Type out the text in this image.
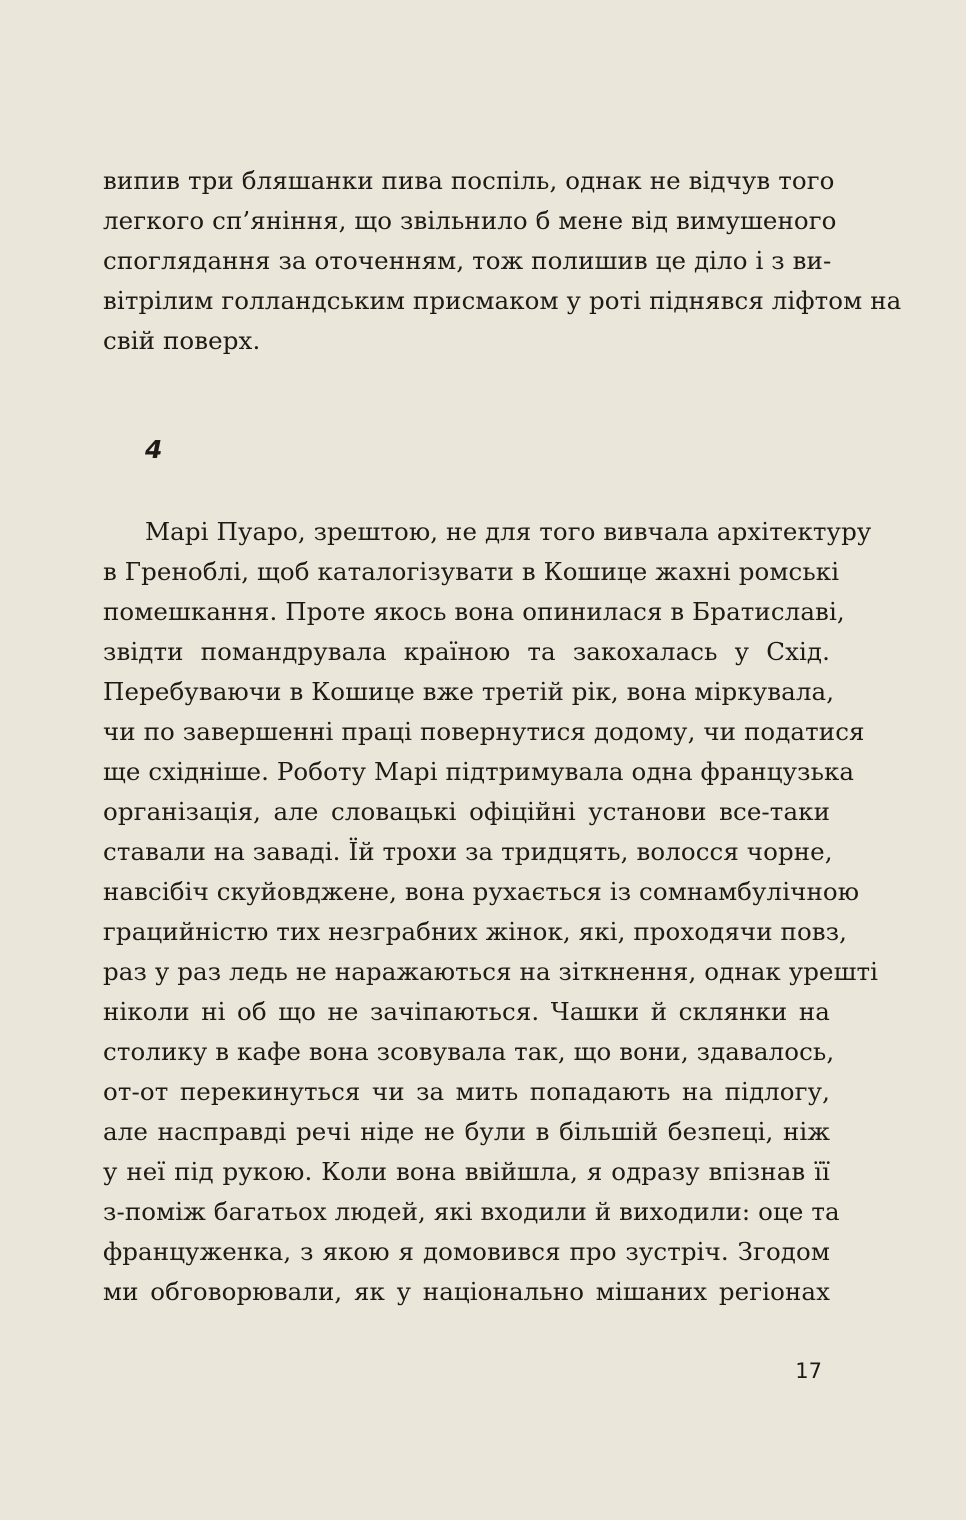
випив три бляшанки пива поспіль, однак не відчув того
легкого сп’яніння, що звільнило б мене від вимушеного
споглядання за оточенням, тож полишив це діло і з ви-
вітрілим голландським присмаком у роті піднявся ліфтом на
свій поверх.
4
Марі Пуаро, зрештою, не для того вивчала архітектуру
в Гренoблі, щоб каталогізувати в Кошице жахні ромські
помешкання. Проте якось вона опинилася в Братиславі,
звідти помандрувала країною та закохалась у Схід.
Перебуваючи в Кошице вже третій рік, вона міркувала,
чи по завершенні праці повернутися додому, чи податися
ще східніше. Роботу Марі підтримувала одна французька
організація, але словацькі офіційні установи все-таки
ставали на заваді. Їй трохи за тридцять, волосся чорне,
навсібіч скуйовджене, вона рухається із сомнамбулічною
грацийністю тих незграбних жінок, які, проходячи повз,
раз у раз ледь не наражаються на зіткнення, однак урешті
ніколи ні об що не зачіпаються. Чашки й склянки на
столику в кафе вона зсовувала так, що вони, здавалось,
от-от перекинуться чи за мить попадають на підлогу,
але насправді речі ніде не були в більшій безпеці, ніж
у неї під рукою. Коли вона ввійшла, я одразу впізнав її
з-поміж багатьох людей, які входили й виходили: оце та
француженка, з якою я домовився про зустріч. Згодом
ми обговорювали, як у національно мішаних регіонах
17
